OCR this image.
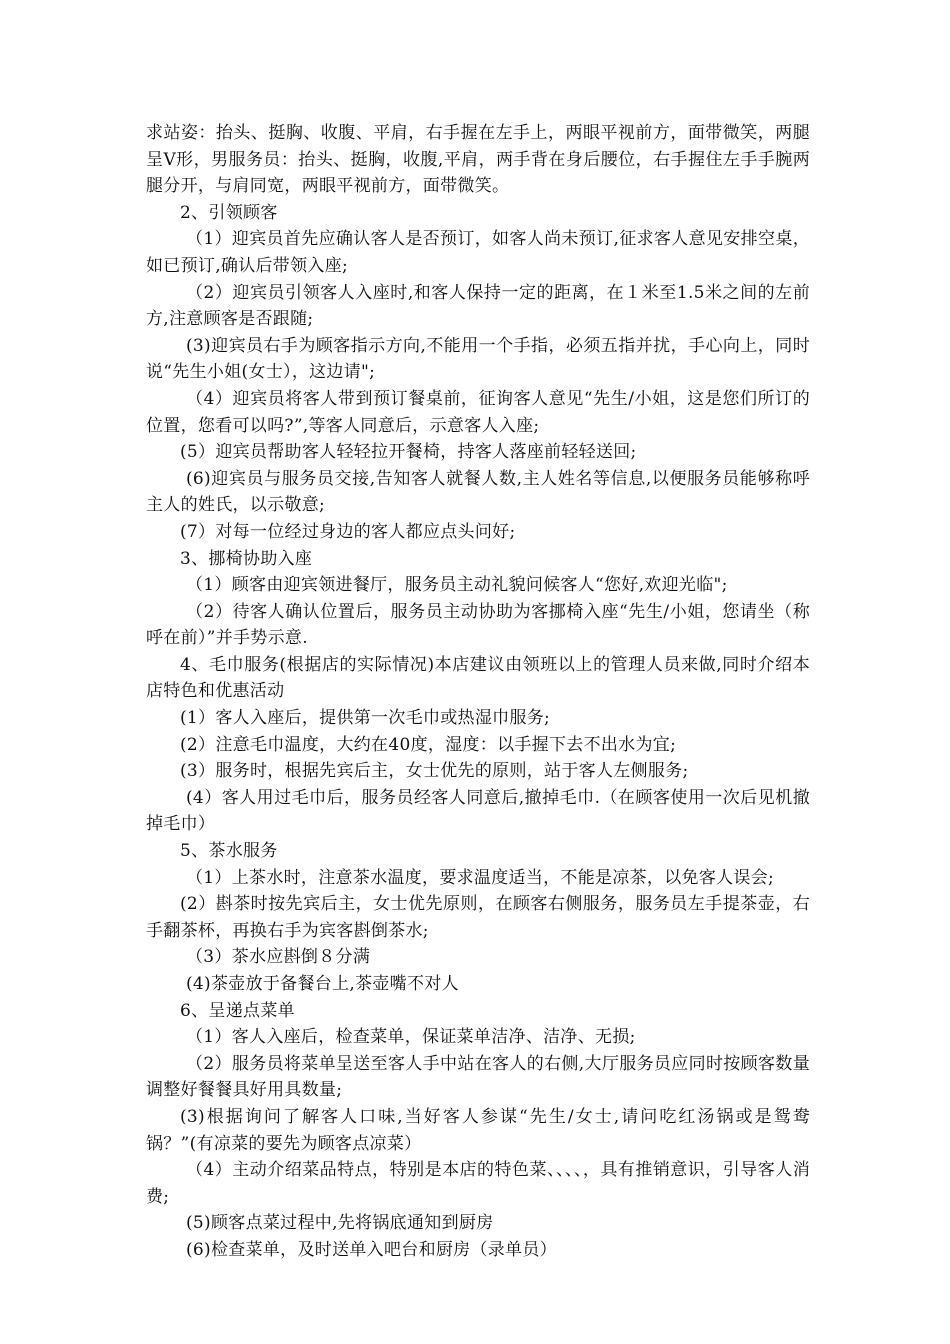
求站姿：抬头、挺胸、收腹、平肩，右手握在左手上，两眼平视前方，面带微笑，两腿呈V形，男服务员：抬头、挺胸，收腹,平肩，两手背在身后腰位，右手握住左手手腕两腿分开，与肩同宽，两眼平视前方，面带微笑。

2、引领顾客

（1）迎宾员首先应确认客人是否预订，如客人尚未预订,征求客人意见安排空桌，如已预订,确认后带领入座;

（2）迎宾员引领客人入座时,和客人保持一定的距离，在１米至1.5米之间的左前方,注意顾客是否跟随;

(3)迎宾员右手为顾客指示方向,不能用一个手指，必须五指并扰，手心向上，同时说“先生小姐(女士），这边请";

（4）迎宾员将客人带到预订餐桌前，征询客人意见“先生/小姐，这是您们所订的位置，您看可以吗?”,等客人同意后，示意客人入座;

(5）迎宾员帮助客人轻轻拉开餐椅，持客人落座前轻轻送回;

(6)迎宾员与服务员交接,告知客人就餐人数,主人姓名等信息,以便服务员能够称呼主人的姓氏，以示敬意;

(7）对每一位经过身边的客人都应点头问好;

3、挪椅协助入座

（1）顾客由迎宾领进餐厅，服务员主动礼貌问候客人“您好,欢迎光临";

（2）待客人确认位置后，服务员主动协助为客挪椅入座“先生/小姐，您请坐（称呼在前）”并手势示意.

4、毛巾服务(根据店的实际情况)本店建议由领班以上的管理人员来做,同时介绍本店特色和优惠活动

(1）客人入座后，提供第一次毛巾或热湿巾服务;

(2）注意毛巾温度，大约在40度，湿度：以手握下去不出水为宜;

(3）服务时，根据先宾后主，女士优先的原则，站于客人左侧服务;

(4）客人用过毛巾后，服务员经客人同意后,撤掉毛巾.（在顾客使用一次后见机撤掉毛巾）

5、茶水服务

（1）上茶水时，注意茶水温度，要求温度适当，不能是凉茶，以免客人误会;

(2）斟茶时按先宾后主，女士优先原则，在顾客右侧服务，服务员左手提茶壶，右手翻茶杯，再换右手为宾客斟倒茶水;

（3）茶水应斟倒８分满

(4)茶壶放于备餐台上,茶壶嘴不对人

6、呈递点菜单

（1）客人入座后，检查菜单，保证菜单洁净、洁净、无损;

（2）服务员将菜单呈送至客人手中站在客人的右侧,大厅服务员应同时按顾客数量调整好餐餐具好用具数量;

(3)根据询问了解客人口味,当好客人参谋“先生/女士,请问吃红汤锅或是鸳鸯锅？”(有凉菜的要先为顾客点凉菜）

（4）主动介绍菜品特点，特别是本店的特色菜、、、、，具有推销意识，引导客人消费;

(5)顾客点菜过程中,先将锅底通知到厨房

(6)检查菜单，及时送单入吧台和厨房（录单员）
